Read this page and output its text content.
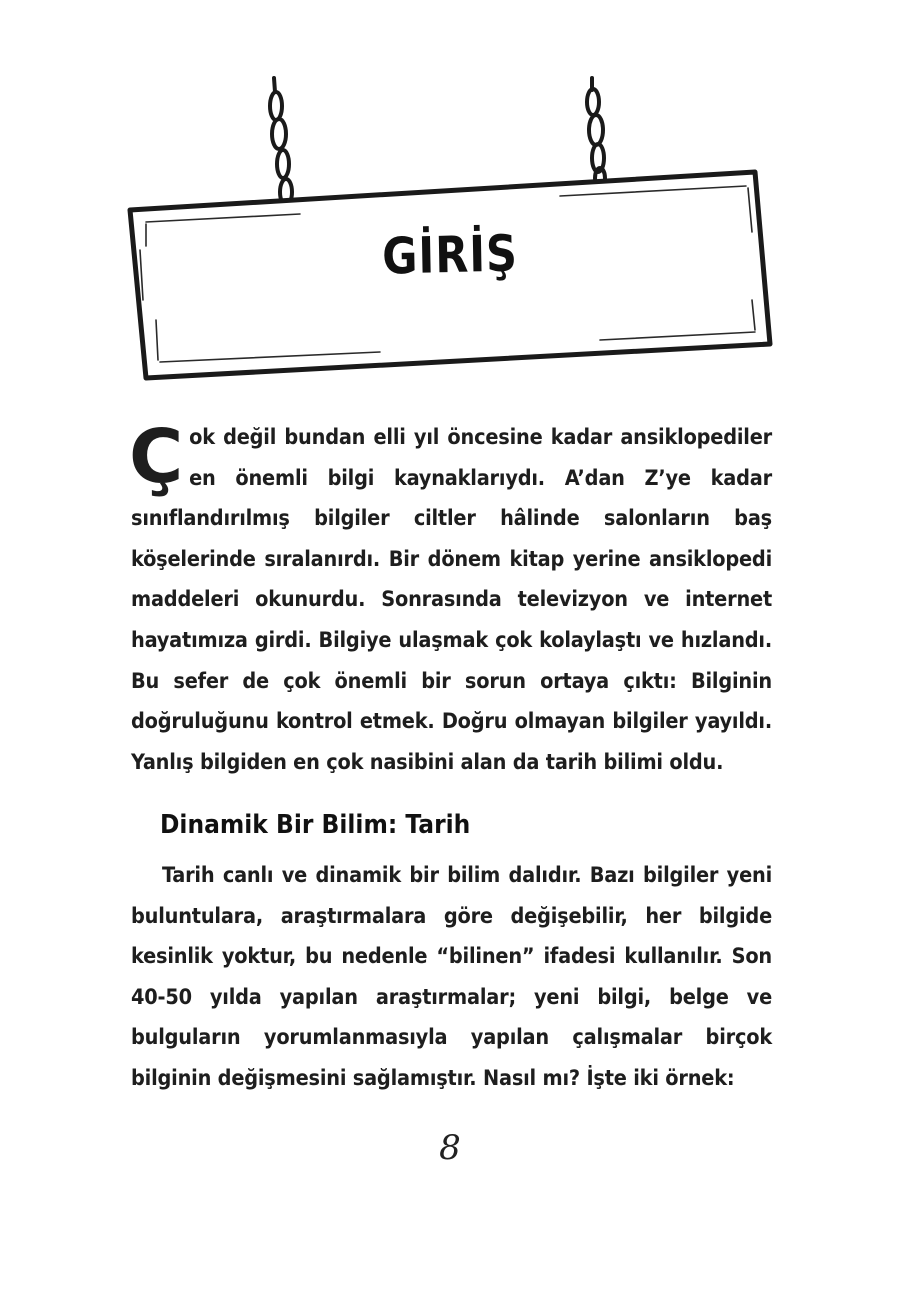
GİRİŞ

Çok değil bundan elli yıl öncesine kadar ansiklopediler en önemli bilgi kaynaklarıydı. A’dan Z’ye kadar sınıflandırılmış bilgiler ciltler hâlinde salonların baş köşelerinde sıralanırdı. Bir dönem kitap yerine ansiklopedi maddeleri okunurdu. Sonrasında televizyon ve internet hayatımıza girdi. Bilgiye ulaşmak çok kolaylaştı ve hızlandı. Bu sefer de çok önemli bir sorun ortaya çıktı: Bilginin doğruluğunu kontrol etmek. Doğru olmayan bilgiler yayıldı. Yanlış bilgiden en çok nasibini alan da tarih bilimi oldu.

Dinamik Bir Bilim: Tarih

Tarih canlı ve dinamik bir bilim dalıdır. Bazı bilgiler yeni buluntulara, araştırmalara göre değişebilir, her bilgide kesinlik yoktur, bu nedenle “bilinen” ifadesi kullanılır. Son 40-50 yılda yapılan araştırmalar; yeni bilgi, belge ve bulguların yorumlanmasıyla yapılan çalışmalar birçok bilginin değişmesini sağlamıştır. Nasıl mı? İşte iki örnek:

8
